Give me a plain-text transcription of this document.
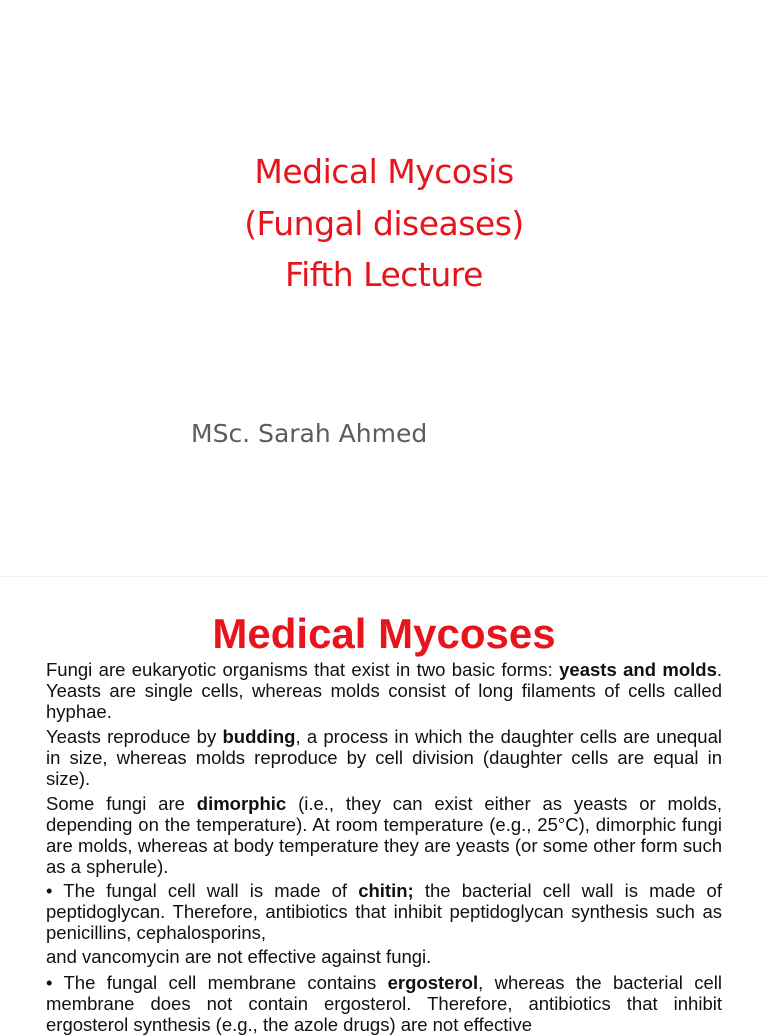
Medical Mycosis
(Fungal diseases)
Fifth Lecture
MSc. Sarah Ahmed
Medical Mycoses

Fungi are eukaryotic organisms that exist in two basic forms: yeasts and molds. Yeasts are single cells, whereas molds consist of long filaments of cells called hyphae.

Yeasts reproduce by budding, a process in which the daughter cells are unequal in size, whereas molds reproduce by cell division (daughter cells are equal in size).

Some fungi are dimorphic (i.e., they can exist either as yeasts or molds, depending on the temperature). At room temperature (e.g., 25°C), dimorphic fungi are molds, whereas at body temperature they are yeasts (or some other form such as a spherule).

• The fungal cell wall is made of chitin; the bacterial cell wall is made of peptidoglycan. Therefore, antibiotics that inhibit peptidoglycan synthesis such as penicillins, cephalosporins,

and vancomycin are not effective against fungi.

• The fungal cell membrane contains ergosterol, whereas the bacterial cell membrane does not contain ergosterol. Therefore, antibiotics that inhibit ergosterol synthesis (e.g., the azole drugs) are not effective
